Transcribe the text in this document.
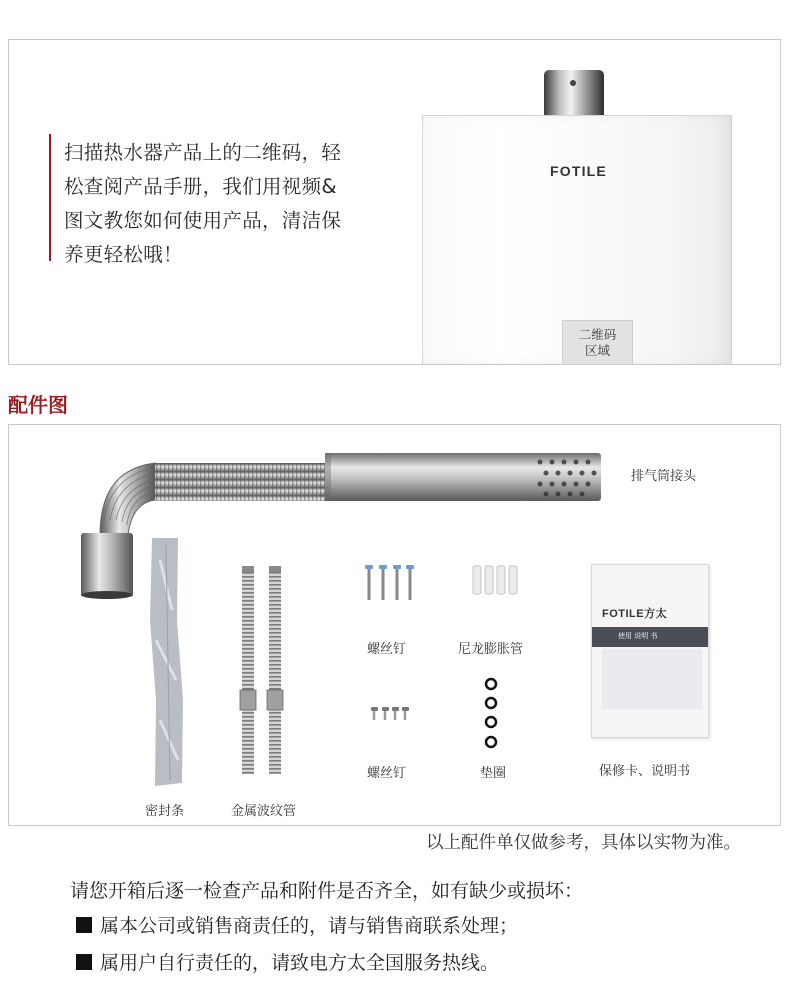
扫描热水器产品上的二维码，轻
松查阅产品手册，我们用视频&
图文教您如何使用产品，清洁保
养更轻松哦！
FOTILE
二维码
区域
配件图
FOTILE方太
使用 说明 书
排气筒接头
螺丝钉	尼龙膨胀管
螺丝钉	垫圈	保修卡、说明书
密封条	金属波纹管
以上配件单仅做参考，具体以实物为准。
请您开箱后逐一检查产品和附件是否齐全，如有缺少或损坏：
属本公司或销售商责任的，请与销售商联系处理；
属用户自行责任的，请致电方太全国服务热线。
